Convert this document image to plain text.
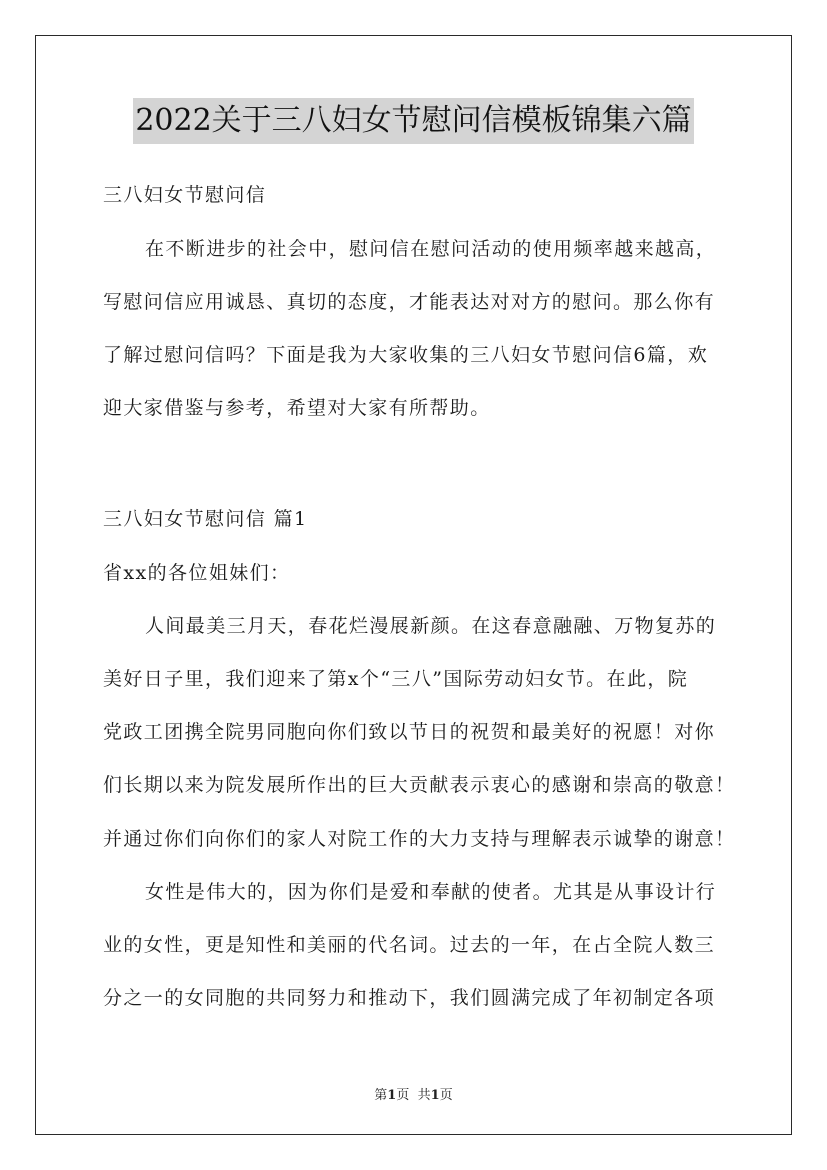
2022关于三八妇女节慰问信模板锦集六篇
三八妇女节慰问信
在不断进步的社会中，慰问信在慰问活动的使用频率越来越高，
写慰问信应用诚恳、真切的态度，才能表达对对方的慰问。那么你有
了解过慰问信吗？下面是我为大家收集的三八妇女节慰问信6篇，欢
迎大家借鉴与参考，希望对大家有所帮助。
三八妇女节慰问信 篇1
省xx的各位姐妹们：
人间最美三月天，春花烂漫展新颜。在这春意融融、万物复苏的
美好日子里，我们迎来了第x个“三八”国际劳动妇女节。在此，院
党政工团携全院男同胞向你们致以节日的祝贺和最美好的祝愿！对你
们长期以来为院发展所作出的巨大贡献表示衷心的感谢和崇高的敬意！
并通过你们向你们的家人对院工作的大力支持与理解表示诚挚的谢意！
女性是伟大的，因为你们是爱和奉献的使者。尤其是从事设计行
业的女性，更是知性和美丽的代名词。过去的一年，在占全院人数三
分之一的女同胞的共同努力和推动下，我们圆满完成了年初制定各项
第1页 共1页
